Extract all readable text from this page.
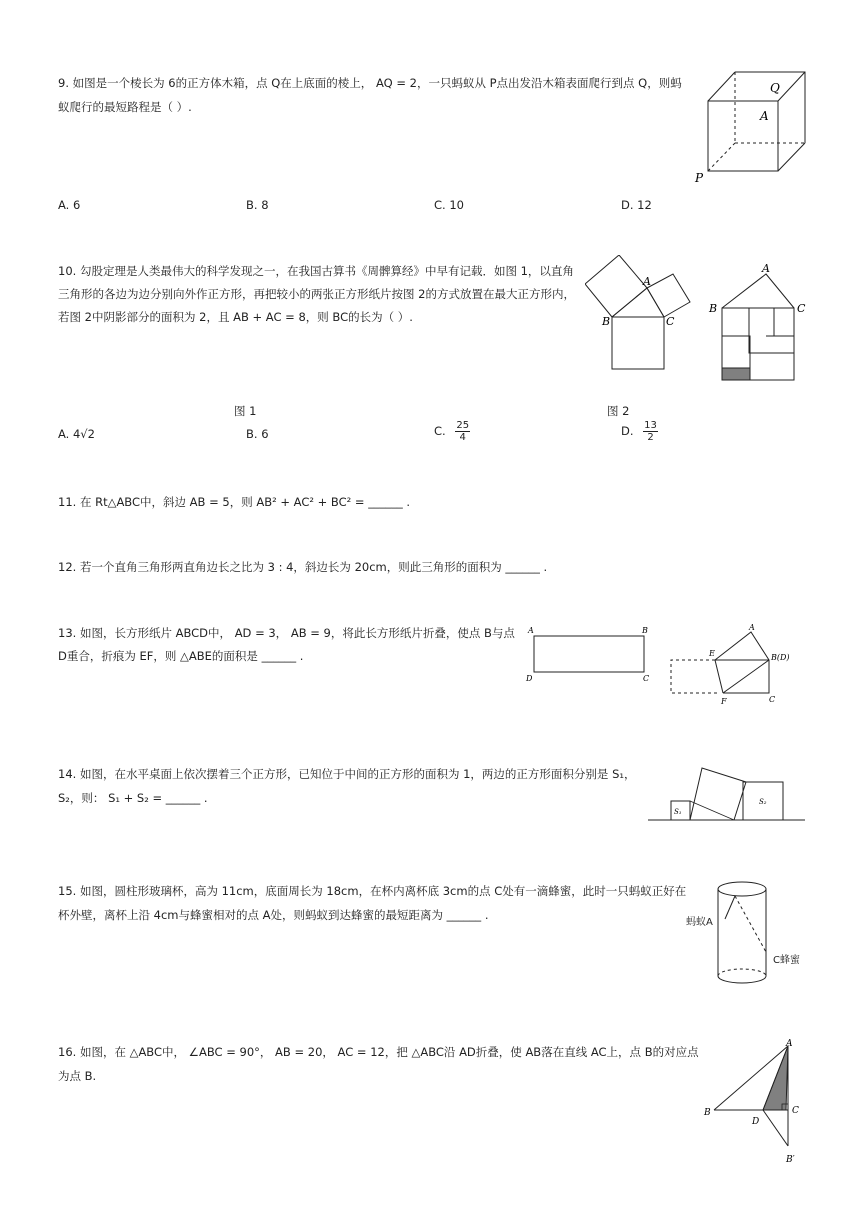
9. 如图是一个棱长为 6的正方体木箱，点 Q在上底面的棱上， AQ = 2，一只蚂蚁从 P点出发沿木箱表面爬行到点 Q，则蚂
蚁爬行的最短路程是（ ）.
Q
A
P
A. 6	B. 8	C. 10	D. 12
10. 勾股定理是人类最伟大的科学发现之一，在我国古算书《周髀算经》中早有记载．如图 1，以直角
三角形的各边为边分别向外作正方形，再把较小的两张正方形纸片按图 2的方式放置在最大正方形内，
若图 2中阴影部分的面积为 2，且 AB + AC = 8，则 BC的长为（ ）.
A
B	C
A
B	C
图 1	图 2
A. 4√2	B. 6	C. $\frac{25}{4}$	D. $\frac{13}{2}$
11. 在 Rt△ABC中，斜边 AB = 5，则 AB² + AC² + BC² = ______ .
12. 若一个直角三角形两直角边长之比为 3 : 4，斜边长为 20cm，则此三角形的面积为 ______ .
13. 如图，长方形纸片 ABCD中， AD = 3， AB = 9，将此长方形纸片折叠，使点 B与点
D重合，折痕为 EF，则 △ABE的面积是 ______ .
A	B
D	C
E
A
B(D)
F	C
14. 如图，在水平桌面上依次摆着三个正方形，已知位于中间的正方形的面积为 1，两边的正方形面积分别是 S₁，
S₂，则： S₁ + S₂ = ______ .
S₁
S₂
15. 如图，圆柱形玻璃杯，高为 11cm，底面周长为 18cm，在杯内离杯底 3cm的点 C处有一滴蜂蜜，此时一只蚂蚁正好在
杯外壁，离杯上沿 4cm与蜂蜜相对的点 A处，则蚂蚁到达蜂蜜的最短距离为 ______ .
蚂蚁A
C蜂蜜
16. 如图，在 △ABC中， ∠ABC = 90°， AB = 20， AC = 12，把 △ABC沿 AD折叠，使 AB落在直线 AC上，点 B的对应点
为点 B.
A
B	C
D
B′
